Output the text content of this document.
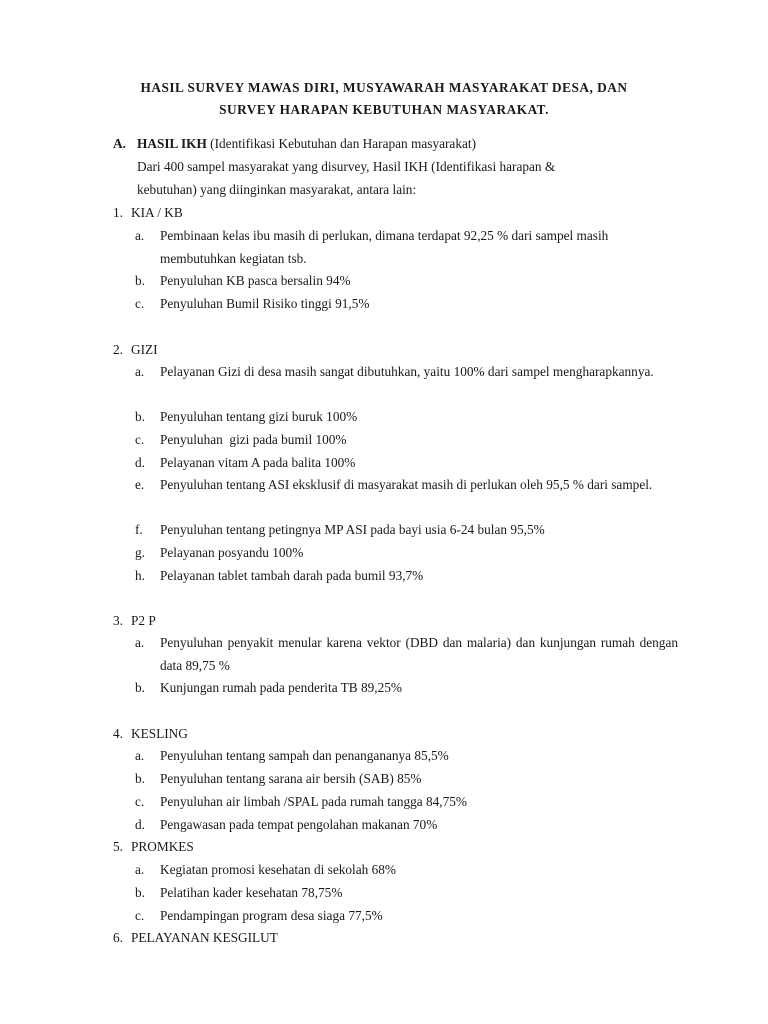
HASIL SURVEY MAWAS DIRI, MUSYAWARAH MASYARAKAT DESA, DAN
SURVEY HARAPAN KEBUTUHAN MASYARAKAT.
A. HASIL IKH (Identifikasi Kebutuhan dan Harapan masyarakat)
Dari 400 sampel masyarakat yang disurvey, Hasil IKH (Identifikasi harapan &
kebutuhan) yang diinginkan masyarakat, antara lain:
1. KIA / KB
a. Pembinaan kelas ibu masih di perlukan, dimana terdapat 92,25 % dari sampel masih membutuhkan kegiatan tsb.
b. Penyuluhan KB pasca bersalin 94%
c. Penyuluhan Bumil Risiko tinggi 91,5%
2. GIZI
a. Pelayanan Gizi di desa masih sangat dibutuhkan, yaitu 100% dari sampel mengharapkannya.
b. Penyuluhan tentang gizi buruk 100%
c. Penyuluhan  gizi pada bumil 100%
d. Pelayanan vitam A pada balita 100%
e. Penyuluhan tentang ASI eksklusif di masyarakat masih di perlukan oleh 95,5 % dari sampel.
f. Penyuluhan tentang petingnya MP ASI pada bayi usia 6-24 bulan 95,5%
g. Pelayanan posyandu 100%
h. Pelayanan tablet tambah darah pada bumil 93,7%
3. P2 P
a. Penyuluhan penyakit menular karena vektor (DBD dan malaria) dan kunjungan rumah dengan data 89,75 %
b. Kunjungan rumah pada penderita TB 89,25%
4. KESLING
a. Penyuluhan tentang sampah dan penangananya 85,5%
b. Penyuluhan tentang sarana air bersih (SAB) 85%
c. Penyuluhan air limbah /SPAL pada rumah tangga 84,75%
d. Pengawasan pada tempat pengolahan makanan 70%
5. PROMKES
a. Kegiatan promosi kesehatan di sekolah 68%
b. Pelatihan kader kesehatan 78,75%
c. Pendampingan program desa siaga 77,5%
6. PELAYANAN KESGILUT
